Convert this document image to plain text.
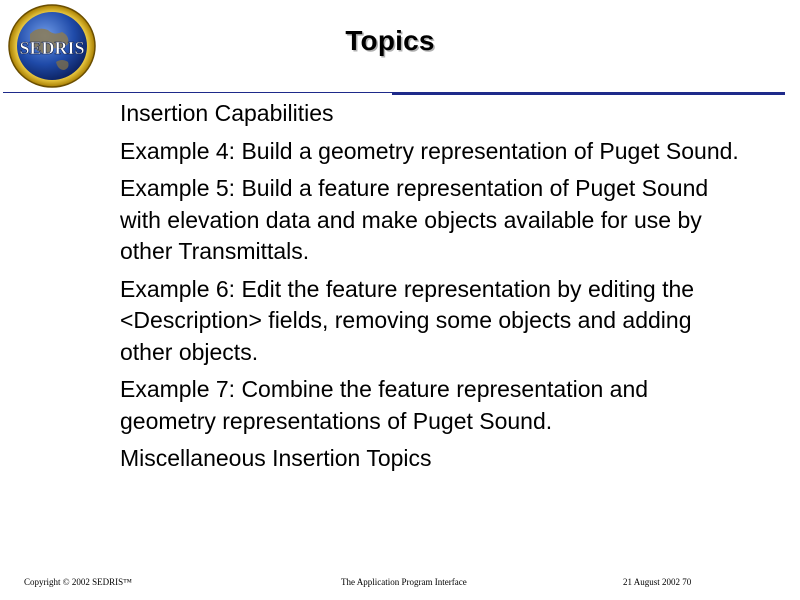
SEDRIS	Topics
Insertion Capabilities
Example 4: Build a geometry representation of Puget Sound.
Example 5: Build a feature representation of Puget Sound with elevation data and make objects available for use by other Transmittals.
Example 6: Edit the feature representation by editing the <Description> fields, removing some objects and adding other objects.
Example 7: Combine the feature representation and geometry representations of Puget Sound.
Miscellaneous Insertion Topics
Copyright © 2002 SEDRIS™	The Application Program Interface	21 August 2002 70
